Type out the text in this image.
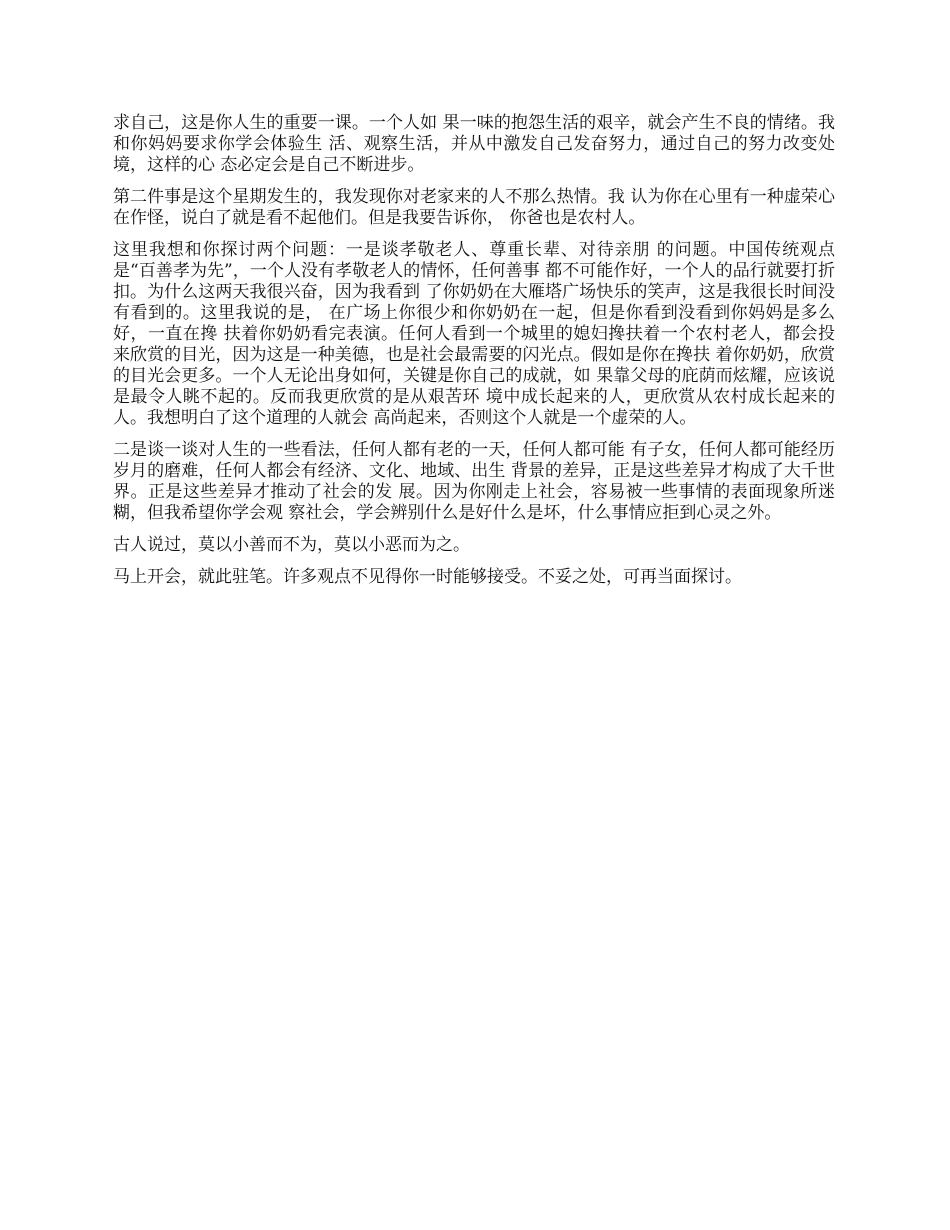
求自己，这是你人生的重要一课。一个人如 果一味的抱怨生活的艰辛，就会产生不良的情绪。我和你妈妈要求你学会体验生 活、观察生活，并从中激发自己发奋努力，通过自己的努力改变处境，这样的心 态必定会是自己不断进步。

第二件事是这个星期发生的，我发现你对老家来的人不那么热情。我 认为你在心里有一种虚荣心在作怪，说白了就是看不起他们。但是我要告诉你， 你爸也是农村人。

这里我想和你探讨两个问题：一是谈孝敬老人、尊重长辈、对待亲朋 的问题。中国传统观点是“百善孝为先”，一个人没有孝敬老人的情怀，任何善事 都不可能作好，一个人的品行就要打折扣。为什么这两天我很兴奋，因为我看到 了你奶奶在大雁塔广场快乐的笑声，这是我很长时间没有看到的。这里我说的是， 在广场上你很少和你奶奶在一起，但是你看到没看到你妈妈是多么好，一直在搀 扶着你奶奶看完表演。任何人看到一个城里的媳妇搀扶着一个农村老人，都会投 来欣赏的目光，因为这是一种美德，也是社会最需要的闪光点。假如是你在搀扶 着你奶奶，欣赏的目光会更多。一个人无论出身如何，关键是你自己的成就，如 果靠父母的庇荫而炫耀，应该说是最令人眺不起的。反而我更欣赏的是从艰苦环 境中成长起来的人，更欣赏从农村成长起来的人。我想明白了这个道理的人就会 高尚起来，否则这个人就是一个虚荣的人。

二是谈一谈对人生的一些看法，任何人都有老的一天，任何人都可能 有子女，任何人都可能经历岁月的磨难，任何人都会有经济、文化、地域、出生 背景的差异，正是这些差异才构成了大千世界。正是这些差异才推动了社会的发 展。因为你刚走上社会，容易被一些事情的表面现象所迷糊，但我希望你学会观 察社会，学会辨别什么是好什么是坏，什么事情应拒到心灵之外。

古人说过，莫以小善而不为，莫以小恶而为之。

马上开会，就此驻笔。许多观点不见得你一时能够接受。不妥之处，可再当面探讨。
